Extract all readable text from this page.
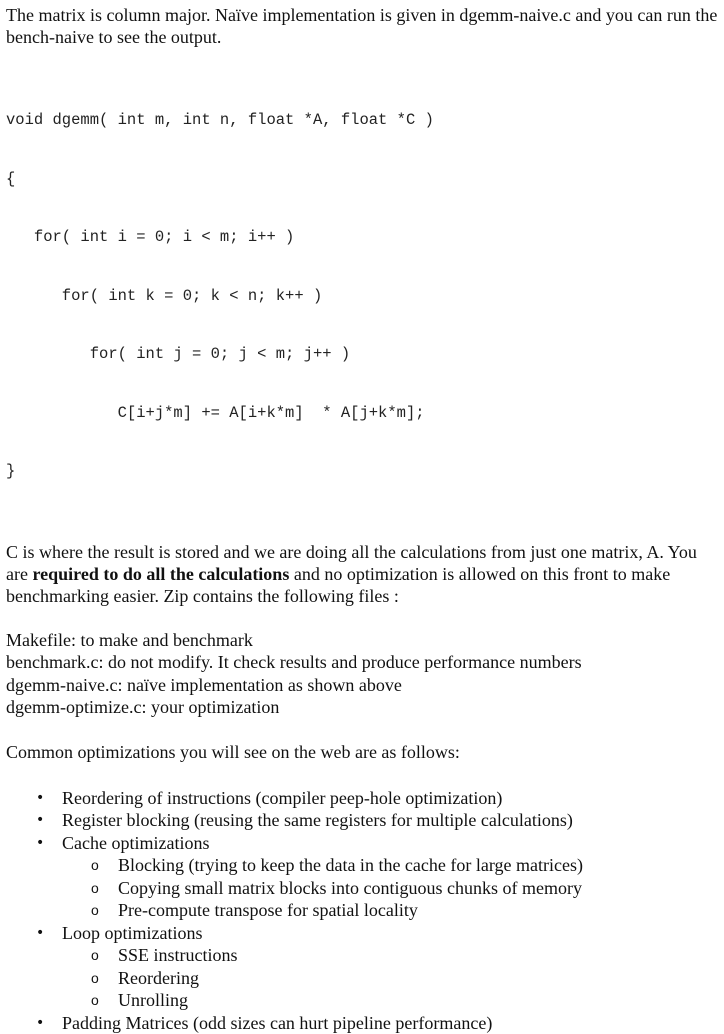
The matrix is column major. Naïve implementation is given in dgemm-naive.c and you can run the bench-naive to see the output.

void dgemm( int m, int n, float *A, float *C )

{

for( int i = 0; i < m; i++ )

for( int k = 0; k < n; k++ )

for( int j = 0; j < m; j++ )

C[i+j*m] += A[i+k*m]  * A[j+k*m];

}

C is where the result is stored and we are doing all the calculations from just one matrix, A. You are required to do all the calculations and no optimization is allowed on this front to make benchmarking easier. Zip contains the following files :

Makefile: to make and benchmark
benchmark.c: do not modify. It check results and produce performance numbers
dgemm-naive.c: naïve implementation as shown above
dgemm-optimize.c: your optimization

Common optimizations you will see on the web are as follows:

• Reordering of instructions (compiler peep-hole optimization)
• Register blocking (reusing the same registers for multiple calculations)
• Cache optimizations
o Blocking (trying to keep the data in the cache for large matrices)
o Copying small matrix blocks into contiguous chunks of memory
o Pre-compute transpose for spatial locality
• Loop optimizations
o SSE instructions
o Reordering
o Unrolling
• Padding Matrices (odd sizes can hurt pipeline performance)
